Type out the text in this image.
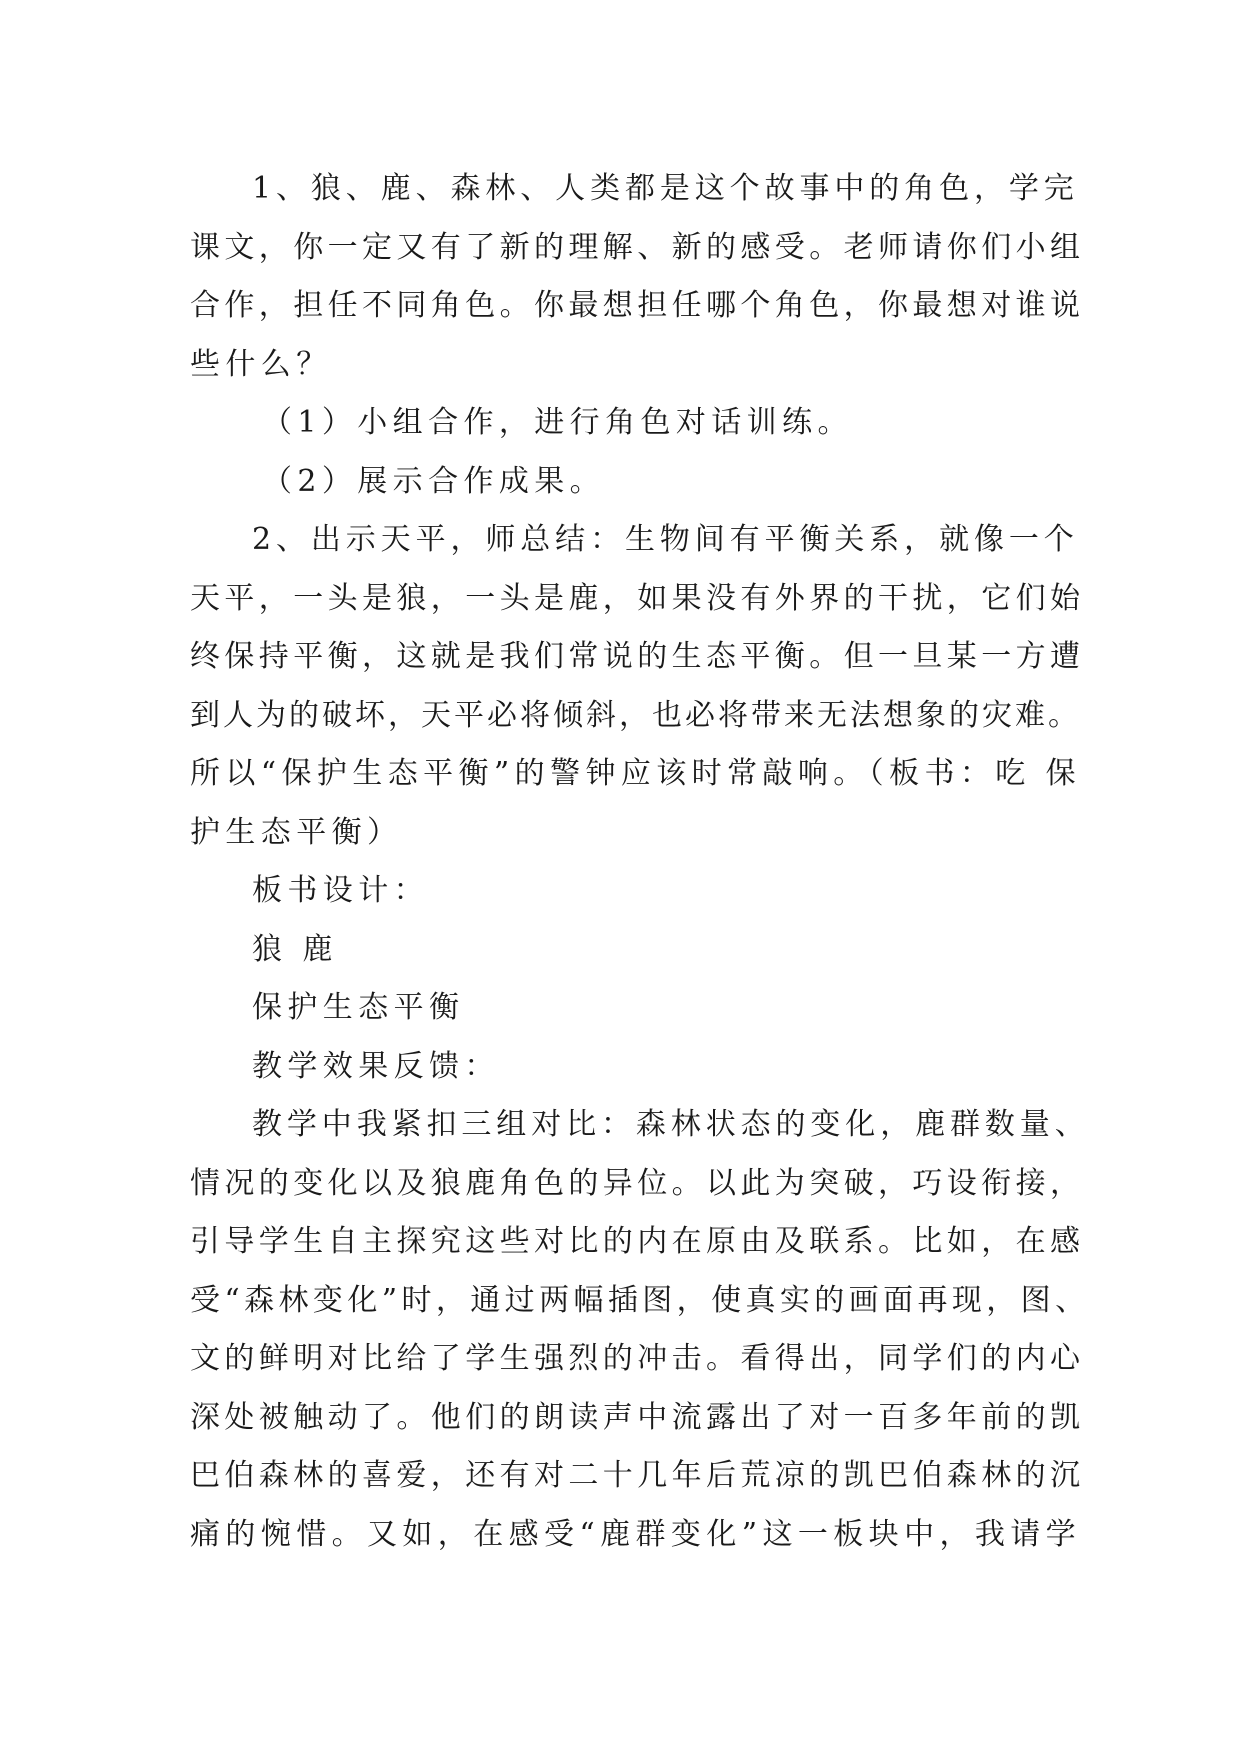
1、狼、鹿、森林、人类都是这个故事中的角色，学完
课文，你一定又有了新的理解、新的感受。老师请你们小组
合作，担任不同角色。你最想担任哪个角色，你最想对谁说
些什么？
（1）小组合作，进行角色对话训练。
（2）展示合作成果。
2、出示天平，师总结：生物间有平衡关系，就像一个
天平，一头是狼，一头是鹿，如果没有外界的干扰，它们始
终保持平衡，这就是我们常说的生态平衡。但一旦某一方遭
到人为的破坏，天平必将倾斜，也必将带来无法想象的灾难。
所以“保护生态平衡”的警钟应该时常敲响。（板书：吃 保
护生态平衡）
板书设计：
狼 鹿
保护生态平衡
教学效果反馈：
教学中我紧扣三组对比：森林状态的变化，鹿群数量、
情况的变化以及狼鹿角色的异位。以此为突破，巧设衔接，
引导学生自主探究这些对比的内在原由及联系。比如，在感
受“森林变化”时，通过两幅插图，使真实的画面再现，图、
文的鲜明对比给了学生强烈的冲击。看得出，同学们的内心
深处被触动了。他们的朗读声中流露出了对一百多年前的凯
巴伯森林的喜爱，还有对二十几年后荒凉的凯巴伯森林的沉
痛的惋惜。又如，在感受“鹿群变化”这一板块中，我请学
